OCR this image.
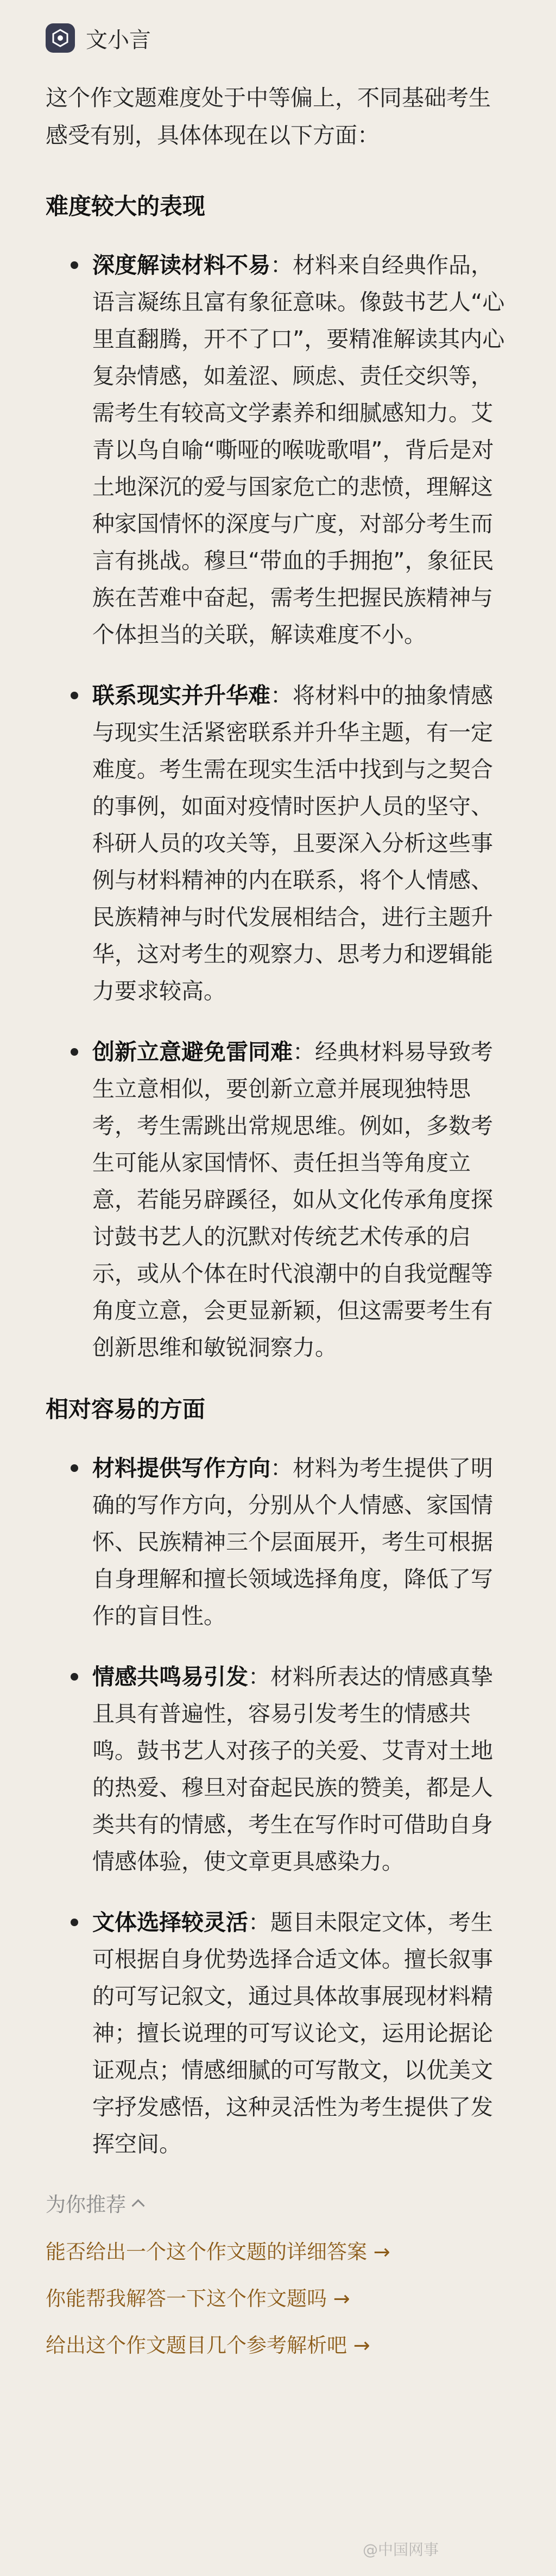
文小言

这个作文题难度处于中等偏上，不同基础考生感受有别，具体体现在以下方面：

难度较大的表现
深度解读材料不易：材料来自经典作品，语言凝练且富有象征意味。像鼓书艺人“心里直翻腾，开不了口”，要精准解读其内心复杂情感，如羞涩、顾虑、责任交织等，需考生有较高文学素养和细腻感知力。艾青以鸟自喻“嘶哑的喉咙歌唱”，背后是对土地深沉的爱与国家危亡的悲愤，理解这种家国情怀的深度与广度，对部分考生而言有挑战。穆旦“带血的手拥抱”，象征民族在苦难中奋起，需考生把握民族精神与个体担当的关联，解读难度不小。
联系现实并升华难：将材料中的抽象情感与现实生活紧密联系并升华主题，有一定难度。考生需在现实生活中找到与之契合的事例，如面对疫情时医护人员的坚守、科研人员的攻关等，且要深入分析这些事例与材料精神的内在联系，将个人情感、民族精神与时代发展相结合，进行主题升华，这对考生的观察力、思考力和逻辑能力要求较高。
创新立意避免雷同难：经典材料易导致考生立意相似，要创新立意并展现独特思考，考生需跳出常规思维。例如，多数考生可能从家国情怀、责任担当等角度立意，若能另辟蹊径，如从文化传承角度探讨鼓书艺人的沉默对传统艺术传承的启示，或从个体在时代浪潮中的自我觉醒等角度立意，会更显新颖，但这需要考生有创新思维和敏锐洞察力。
相对容易的方面
材料提供写作方向：材料为考生提供了明确的写作方向，分别从个人情感、家国情怀、民族精神三个层面展开，考生可根据自身理解和擅长领域选择角度，降低了写作的盲目性。
情感共鸣易引发：材料所表达的情感真挚且具有普遍性，容易引发考生的情感共鸣。鼓书艺人对孩子的关爱、艾青对土地的热爱、穆旦对奋起民族的赞美，都是人类共有的情感，考生在写作时可借助自身情感体验，使文章更具感染力。
文体选择较灵活：题目未限定文体，考生可根据自身优势选择合适文体。擅长叙事的可写记叙文，通过具体故事展现材料精神；擅长说理的可写议论文，运用论据论证观点；情感细腻的可写散文，以优美文字抒发感悟，这种灵活性为考生提供了发挥空间。
为你推荐
能否给出一个这个作文题的详细答案 →
你能帮我解答一下这个作文题吗 →
给出这个作文题目几个参考解析吧 →
@中国网事
